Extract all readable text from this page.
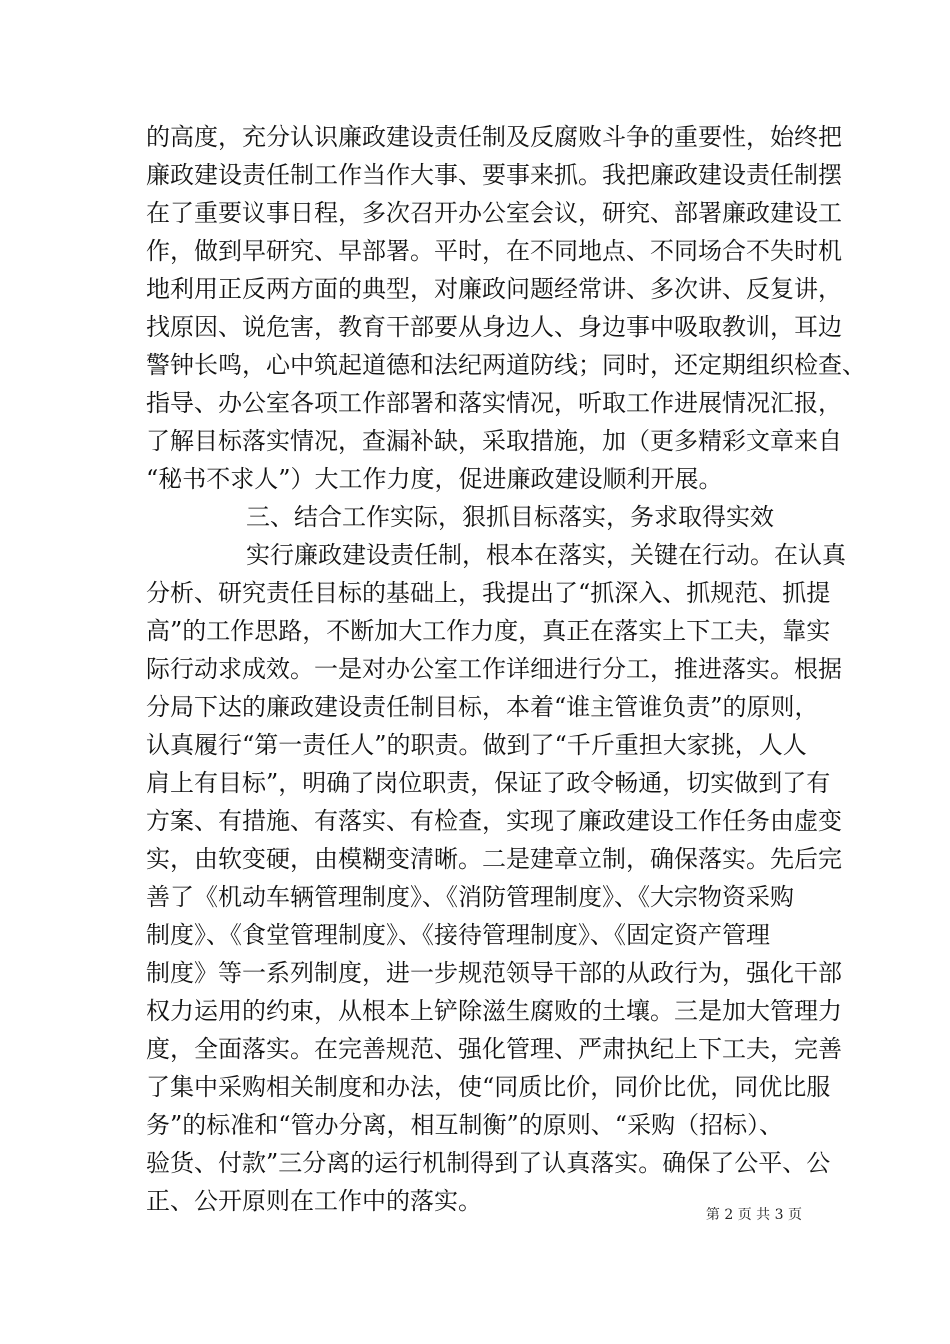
的高度，充分认识廉政建设责任制及反腐败斗争的重要性，始终把
廉政建设责任制工作当作大事、要事来抓。我把廉政建设责任制摆
在了重要议事日程，多次召开办公室会议，研究、部署廉政建设工
作，做到早研究、早部署。平时，在不同地点、不同场合不失时机
地利用正反两方面的典型，对廉政问题经常讲、多次讲、反复讲，
找原因、说危害，教育干部要从身边人、身边事中吸取教训，耳边
警钟长鸣，心中筑起道德和法纪两道防线；同时，还定期组织检查、
指导、办公室各项工作部署和落实情况，听取工作进展情况汇报，
了解目标落实情况，查漏补缺，采取措施，加（更多精彩文章来自
“秘书不求人”）大工作力度，促进廉政建设顺利开展。
三、结合工作实际，狠抓目标落实，务求取得实效
实行廉政建设责任制，根本在落实，关键在行动。在认真
分析、研究责任目标的基础上，我提出了“抓深入、抓规范、抓提
高”的工作思路，不断加大工作力度，真正在落实上下工夫，靠实
际行动求成效。一是对办公室工作详细进行分工，推进落实。根据
分局下达的廉政建设责任制目标，本着“谁主管谁负责”的原则，
认真履行“第一责任人”的职责。做到了“千斤重担大家挑，人人
肩上有目标”，明确了岗位职责，保证了政令畅通，切实做到了有
方案、有措施、有落实、有检查，实现了廉政建设工作任务由虚变
实，由软变硬，由模糊变清晰。二是建章立制，确保落实。先后完
善了《机动车辆管理制度》、《消防管理制度》、《大宗物资采购
制度》、《食堂管理制度》、《接待管理制度》、《固定资产管理
制度》等一系列制度，进一步规范领导干部的从政行为，强化干部
权力运用的约束，从根本上铲除滋生腐败的土壤。三是加大管理力
度，全面落实。在完善规范、强化管理、严肃执纪上下工夫，完善
了集中采购相关制度和办法，使“同质比价，同价比优，同优比服
务”的标准和“管办分离，相互制衡”的原则、“采购（招标）、
验货、付款”三分离的运行机制得到了认真落实。确保了公平、公
正、公开原则在工作中的落实。	第 2 页 共 3 页
